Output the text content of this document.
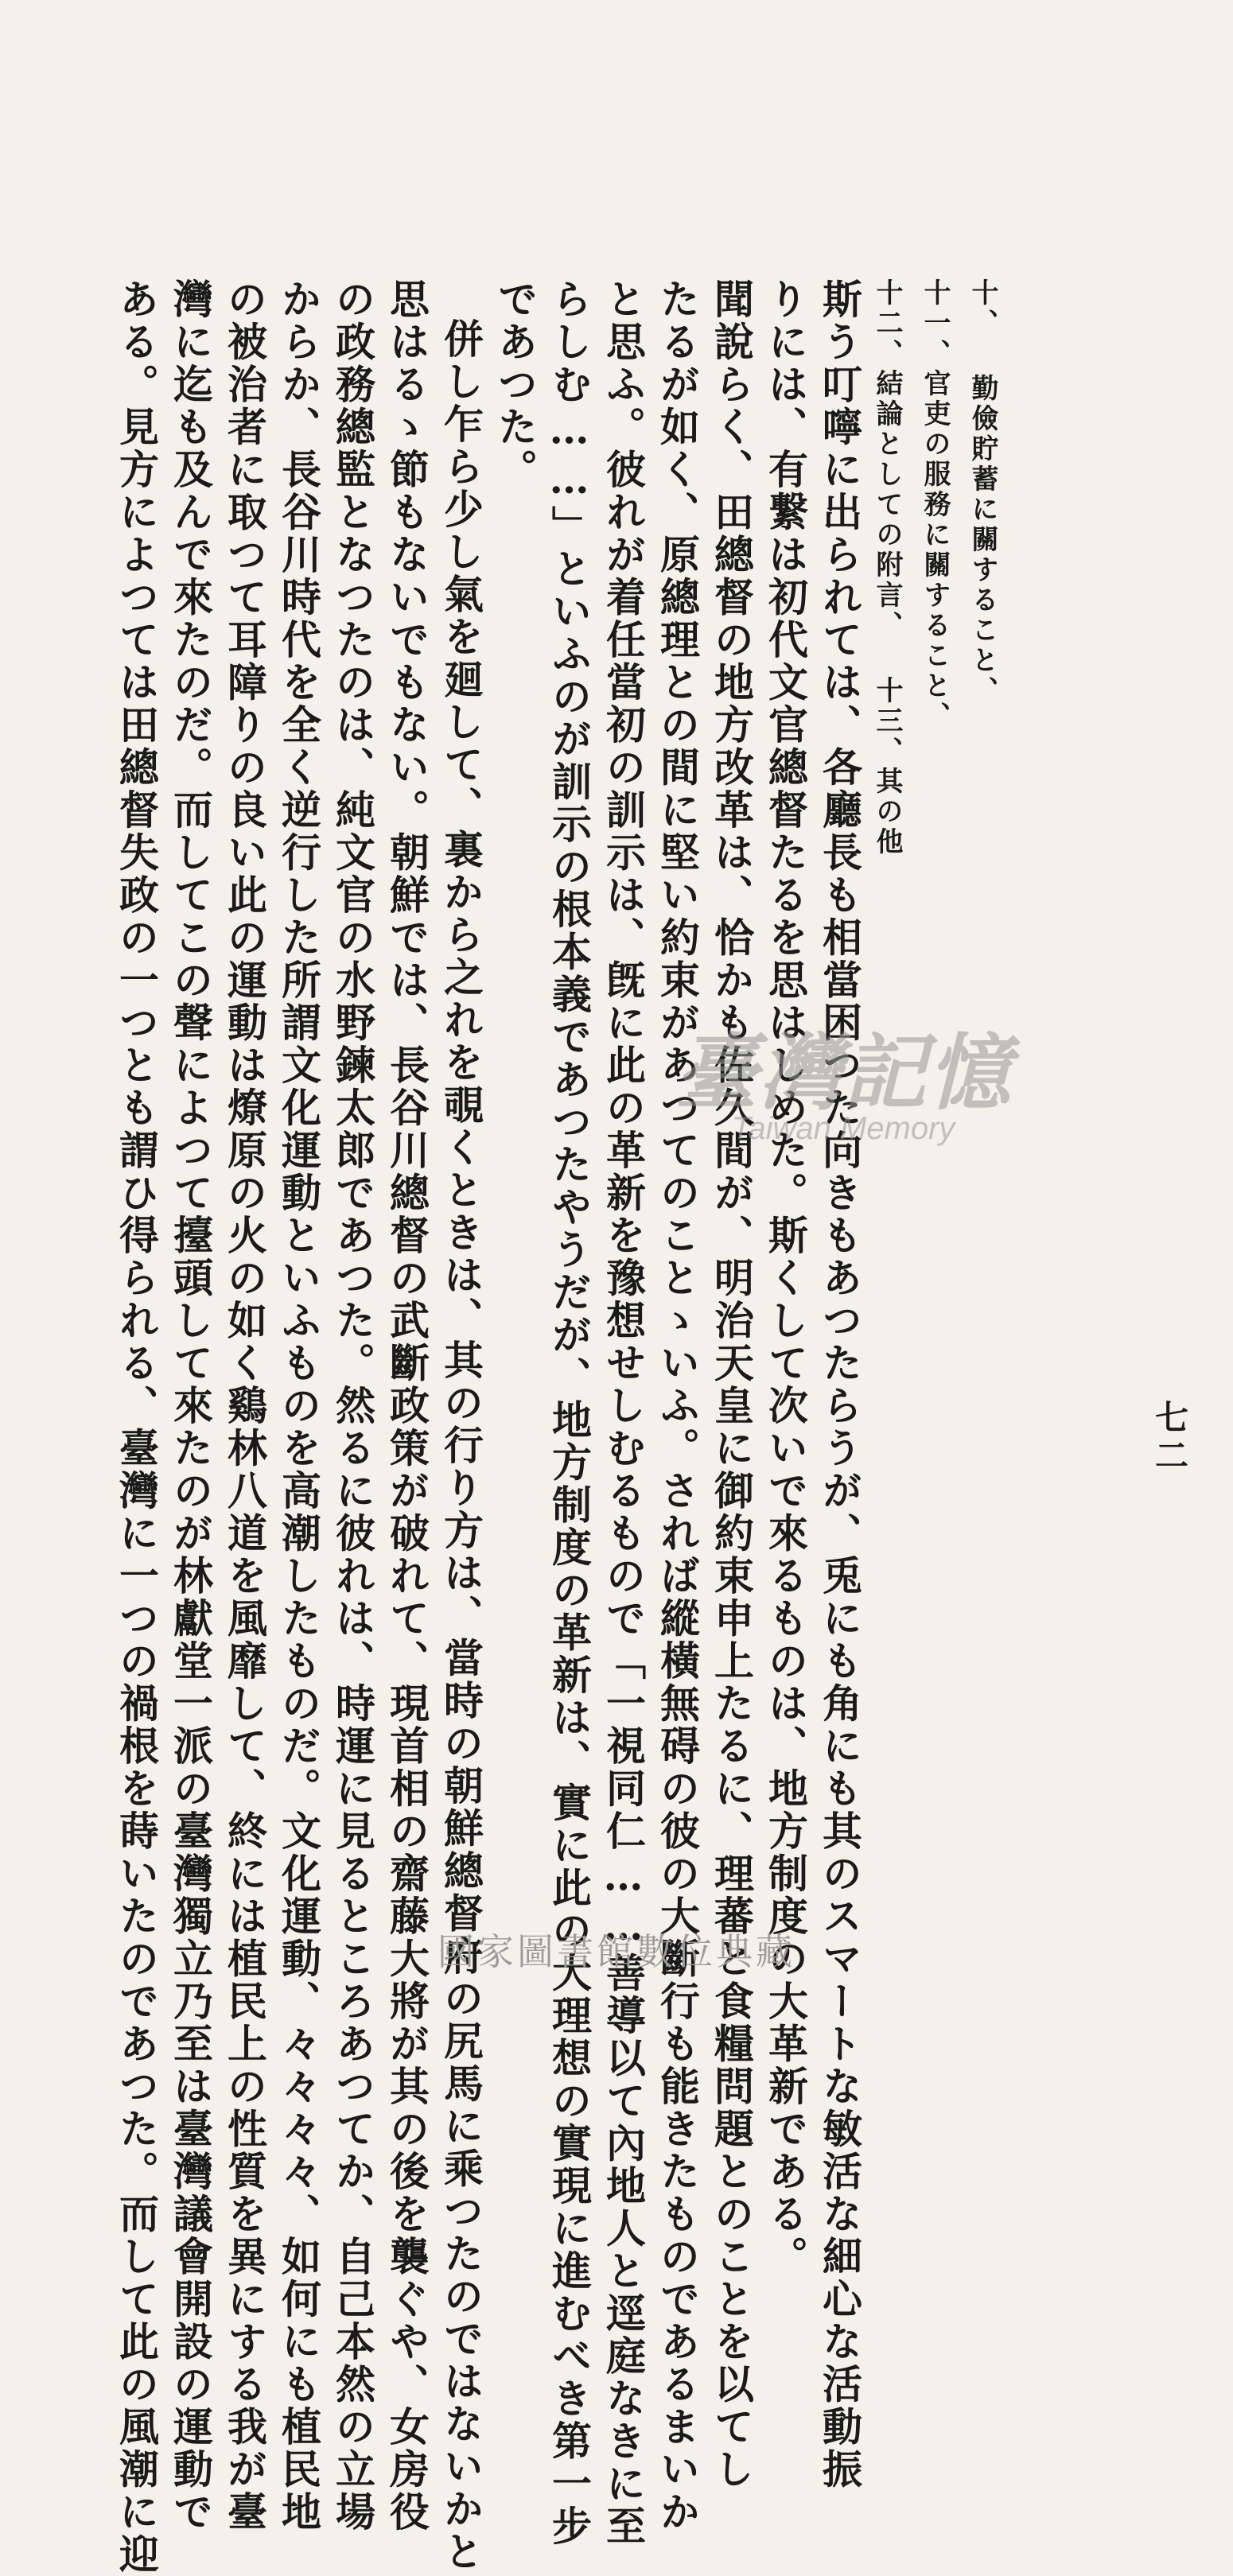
七二
十、 勤儉貯蓄に關すること、
十一、官吏の服務に關すること、
十二、結論としての附言、 十三、其の他
斯う叮嚀に出られては、各廳長も相當困つた向きもあつたらうが、兎にも角にも其のスマートな敏活な細心な活動振
りには、有繋は初代文官總督たるを思はしめた。斯くして次いで來るものは、地方制度の大革新である。
聞說らく、田總督の地方改革は、恰かも佐久間が、明治天皇に御約束申上たるに、理蕃と食糧問題とのことを以てし
たるが如く、原總理との間に堅い約束があつてのことゝいふ。されば縱橫無碍の彼の大斷行も能きたものであるまいか
と思ふ。彼れが着任當初の訓示は、旣に此の革新を豫想せしむるもので「一視同仁……善導以て內地人と逕庭なきに至
らしむ……」といふのが訓示の根本義であつたやうだが、地方制度の革新は、實に此の大理想の實現に進むべき第一步
であつた。
併し乍ら少し氣を廻して、裏から之れを覗くときは、其の行り方は、當時の朝鮮總督府の尻馬に乘つたのではないかと
思はるゝ節もないでもない。朝鮮では、長谷川總督の武斷政策が破れて、現首相の齋藤大將が其の後を襲ぐや、女房役
の政務總監となつたのは、純文官の水野鍊太郎であつた。然るに彼れは、時運に見るところあつてか、自己本然の立場
からか、長谷川時代を全く逆行した所謂文化運動といふものを高潮したものだ。文化運動、々々々々、如何にも植民地
の被治者に取つて耳障りの良い此の運動は燎原の火の如く鷄林八道を風靡して、終には植民上の性質を異にする我が臺
灣に迄も及んで來たのだ。而してこの聲によつて擡頭して來たのが林獻堂一派の臺灣獨立乃至は臺灣議會開設の運動で
ある。見方によつては田總督失政の一つとも謂ひ得られる、臺灣に一つの禍根を蒔いたのであつた。而して此の風潮に迎	臺灣記憶
Taiwan Memory
國家圖書館數位典藏
